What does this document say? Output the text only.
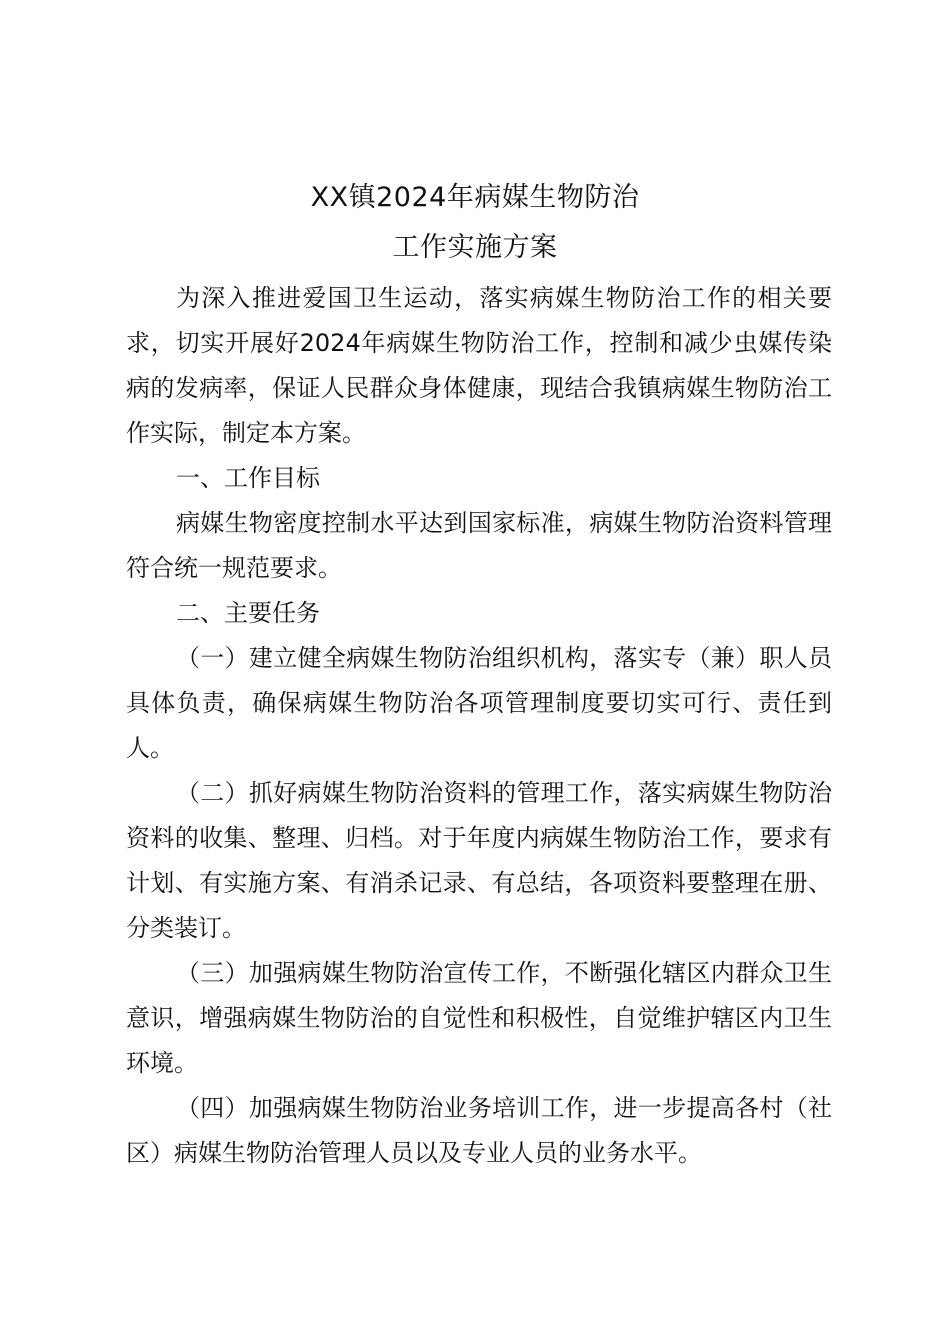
XX镇2024年病媒生物防治
工作实施方案

为深入推进爱国卫生运动，落实病媒生物防治工作的相关要求，切实开展好2024年病媒生物防治工作，控制和减少虫媒传染病的发病率，保证人民群众身体健康，现结合我镇病媒生物防治工作实际，制定本方案。

一、工作目标

病媒生物密度控制水平达到国家标准，病媒生物防治资料管理符合统一规范要求。

二、主要任务

（一）建立健全病媒生物防治组织机构，落实专（兼）职人员具体负责，确保病媒生物防治各项管理制度要切实可行、责任到人。

（二）抓好病媒生物防治资料的管理工作，落实病媒生物防治资料的收集、整理、归档。对于年度内病媒生物防治工作，要求有计划、有实施方案、有消杀记录、有总结，各项资料要整理在册、分类装订。

（三）加强病媒生物防治宣传工作，不断强化辖区内群众卫生意识，增强病媒生物防治的自觉性和积极性，自觉维护辖区内卫生环境。

（四）加强病媒生物防治业务培训工作，进一步提高各村（社区）病媒生物防治管理人员以及专业人员的业务水平。
